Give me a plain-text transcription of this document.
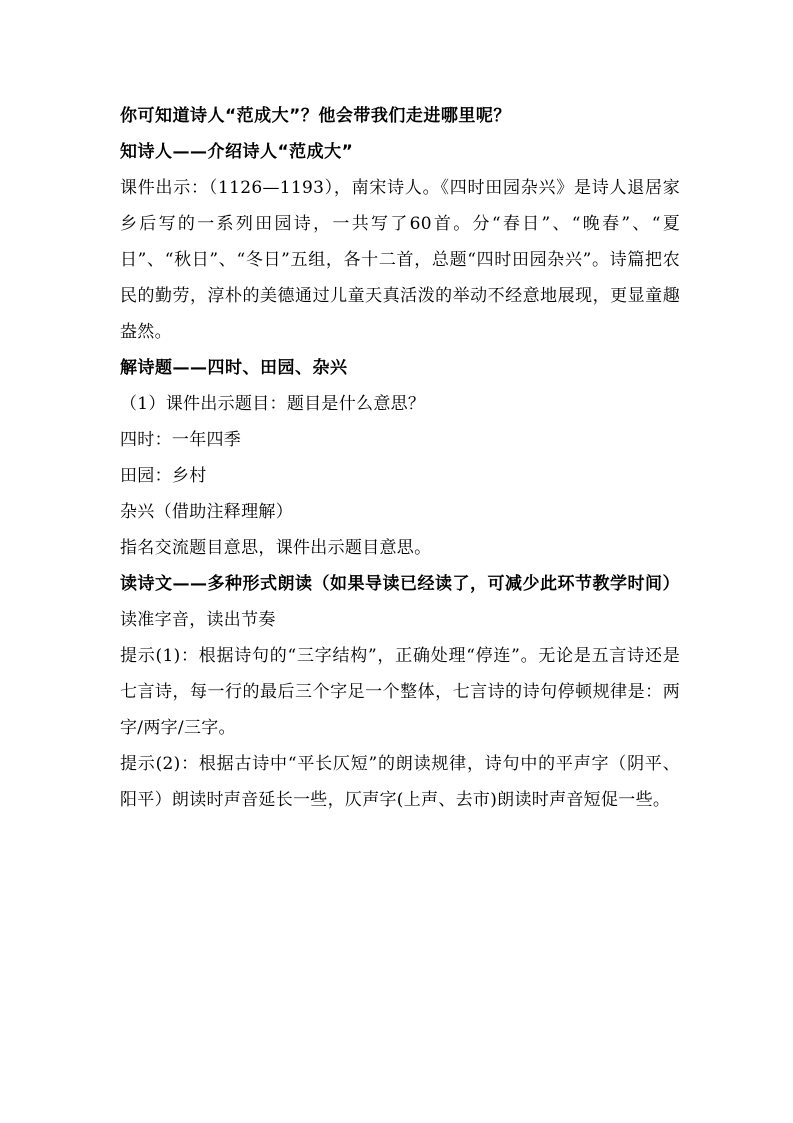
你可知道诗人“范成大”？他会带我们走进哪里呢？

知诗人——介绍诗人“范成大”

课件出示：（1126—1193），南宋诗人。《四时田园杂兴》是诗人退居家乡后写的一系列田园诗，一共写了60首。分“春日”、“晚春”、“夏日”、“秋日”、“冬日”五组，各十二首，总题“四时田园杂兴”。诗篇把农民的勤劳，淳朴的美德通过儿童天真活泼的举动不经意地展现，更显童趣盎然。

解诗题——四时、田园、杂兴

（1）课件出示题目：题目是什么意思？

四时：一年四季

田园：乡村

杂兴（借助注释理解）

指名交流题目意思，课件出示题目意思。

读诗文——多种形式朗读（如果导读已经读了，可减少此环节教学时间）

读准字音，读出节奏

提示(1)：根据诗句的“三字结构”，正确处理“停连”。无论是五言诗还是七言诗，每一行的最后三个字足一个整体，七言诗的诗句停顿规律是：两字/两字/三字。

提示(2)：根据古诗中“平长仄短”的朗读规律，诗句中的平声字（阴平、阳平）朗读时声音延长一些，仄声字(上声、去市)朗读时声音短促一些。
